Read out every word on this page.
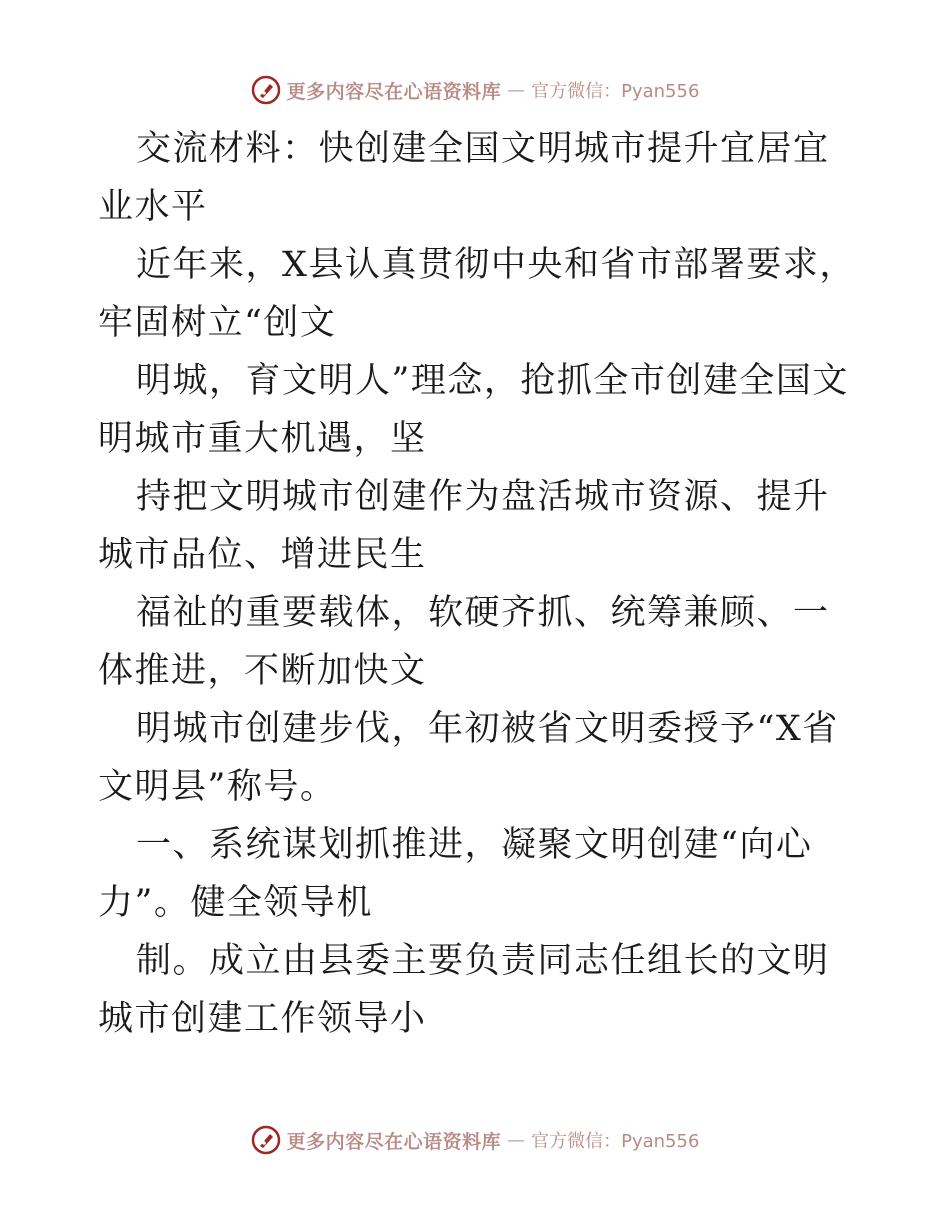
更多内容尽在心语资料库 — 官方微信：Pyan556

交流材料：快创建全国文明城市提升宜居宜业水平

近年来，X县认真贯彻中央和省市部署要求，牢固树立“创文

明城，育文明人”理念，抢抓全市创建全国文明城市重大机遇，坚

持把文明城市创建作为盘活城市资源、提升城市品位、增进民生

福祉的重要载体，软硬齐抓、统筹兼顾、一体推进，不断加快文

明城市创建步伐，年初被省文明委授予“X省文明县”称号。

一、系统谋划抓推进，凝聚文明创建“向心力”。健全领导机

制。成立由县委主要负责同志任组长的文明城市创建工作领导小

更多内容尽在心语资料库 — 官方微信：Pyan556
